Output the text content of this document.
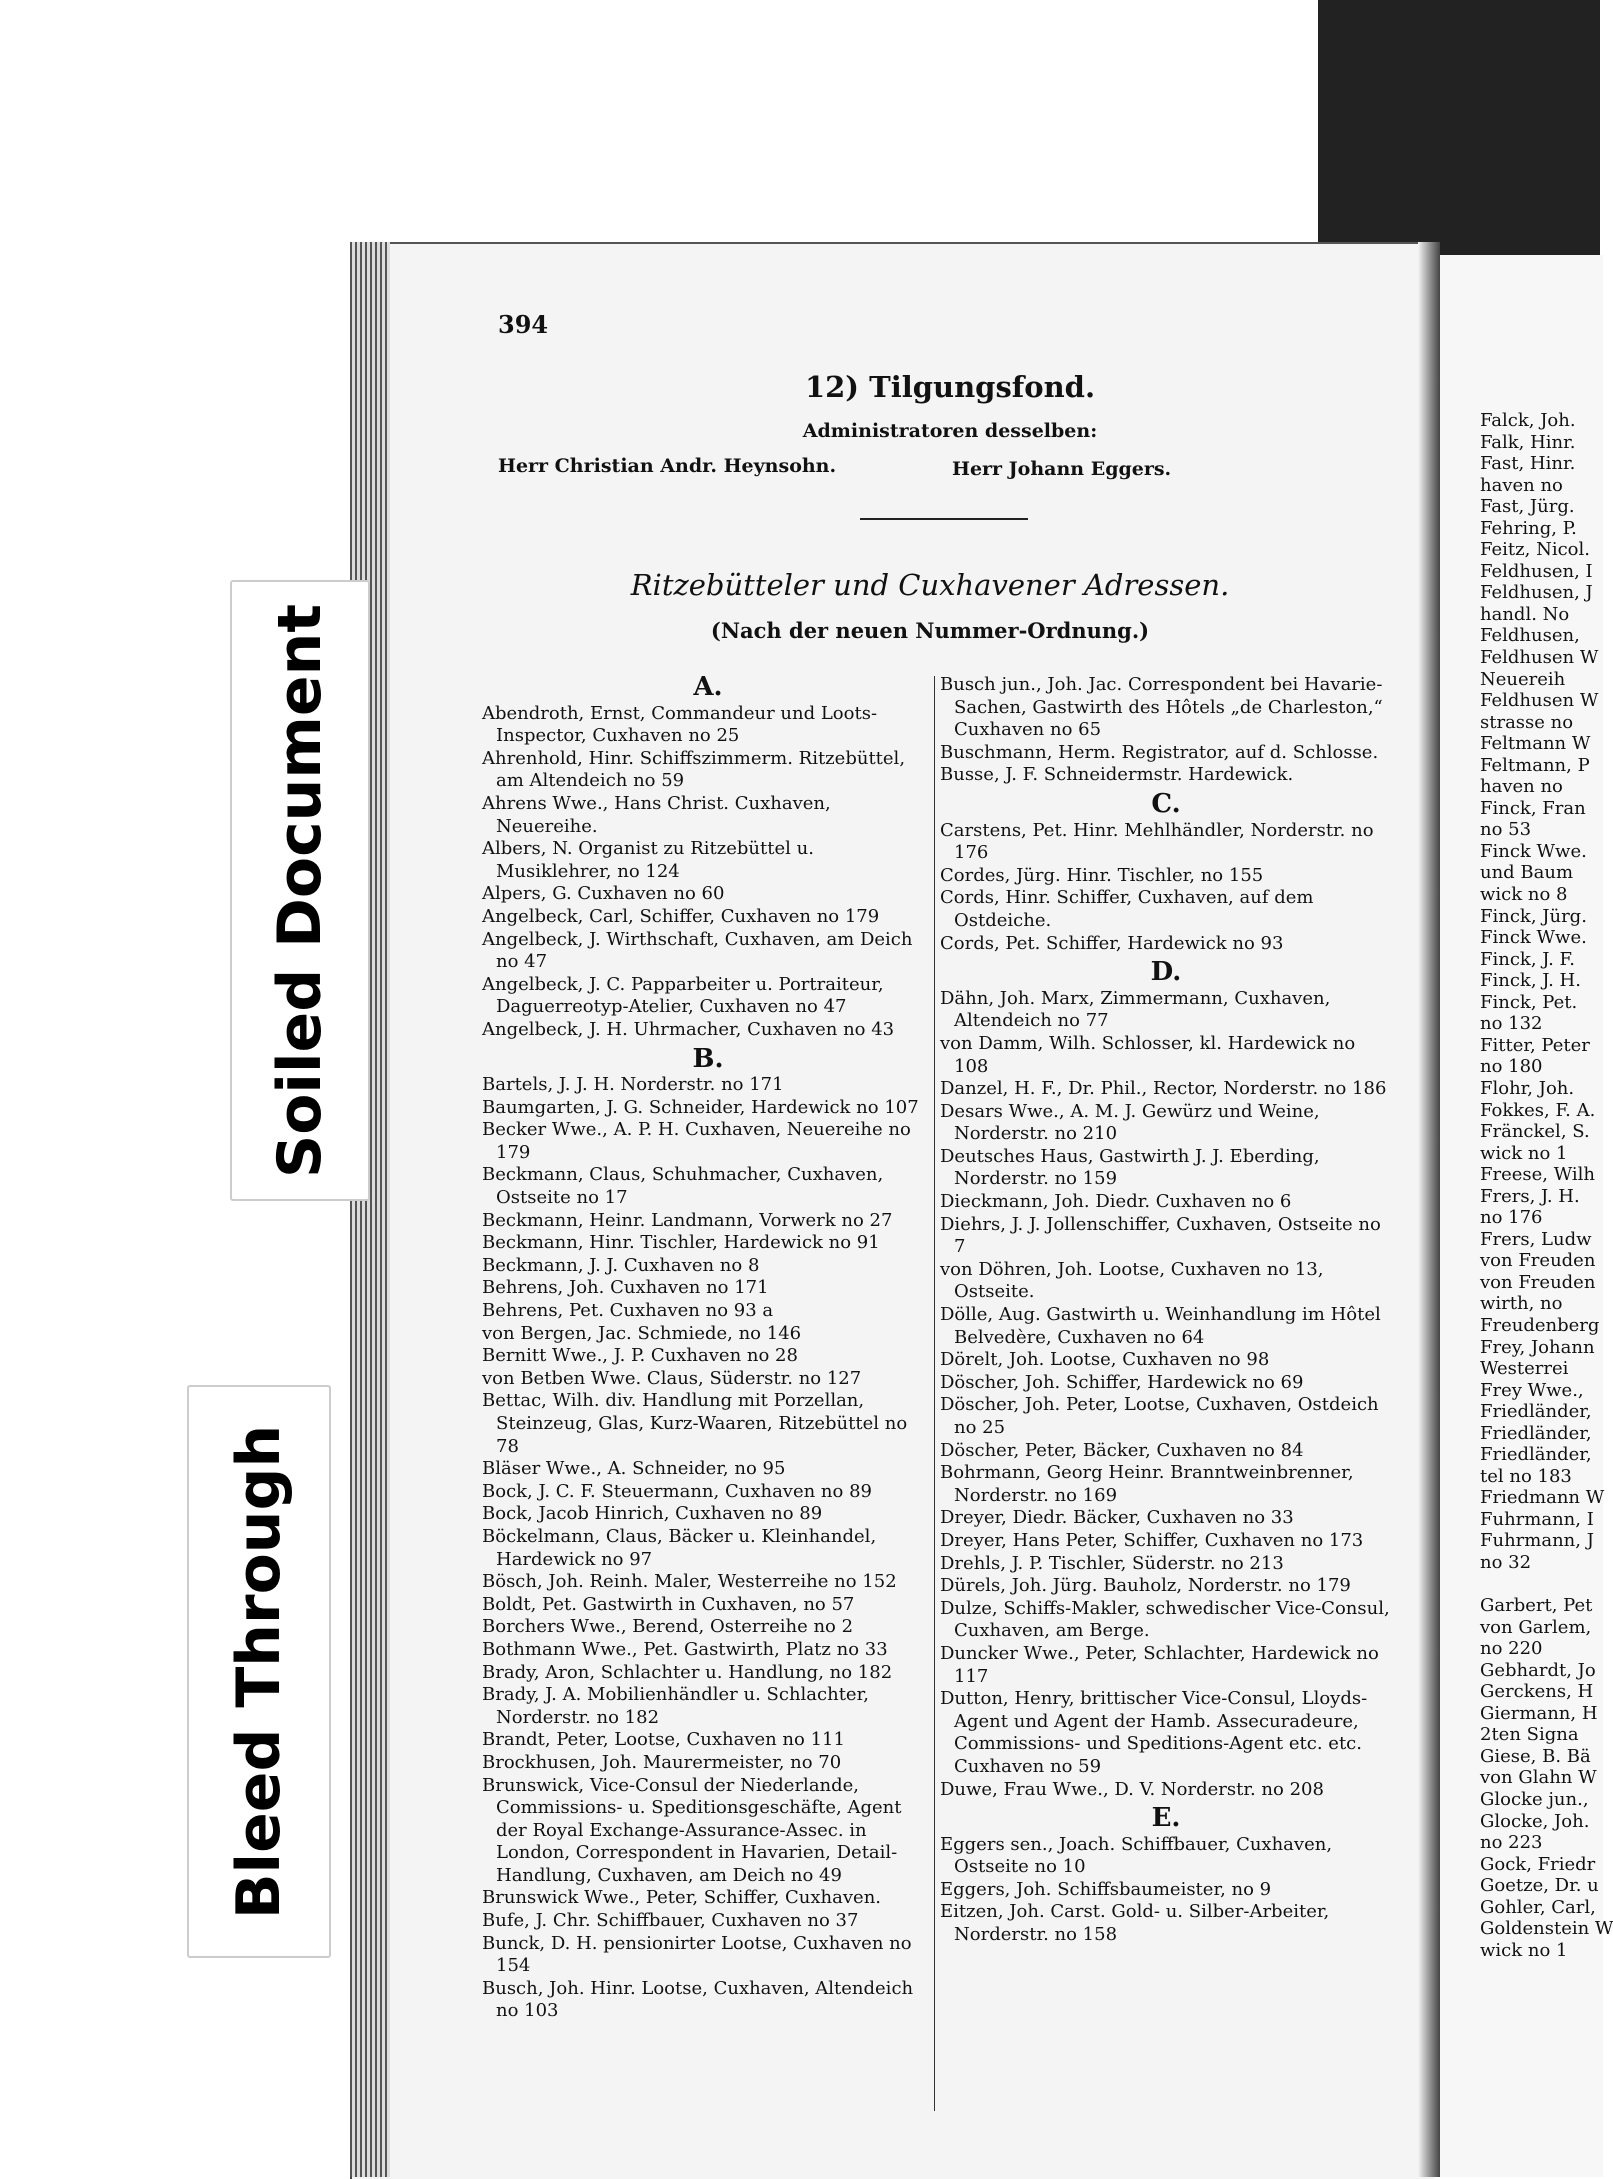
Soiled Document
Bleed Through
394
12) Tilgungsfond.
Administratoren desselben:
Herr Christian Andr. Heynsohn.	Herr Johann Eggers.
Ritzebütteler und Cuxhavener Adressen.
(Nach der neuen Nummer-Ordnung.)
A.
Abendroth, Ernst, Commandeur und Loots-Inspector, Cuxhaven no 25
Ahrenhold, Hinr. Schiffszimmerm. Ritzebüttel, am Altendeich no 59
Ahrens Wwe., Hans Christ. Cuxhaven, Neuereihe.
Albers, N. Organist zu Ritzebüttel u. Musiklehrer, no 124
Alpers, G. Cuxhaven no 60
Angelbeck, Carl, Schiffer, Cuxhaven no 179
Angelbeck, J. Wirthschaft, Cuxhaven, am Deich no 47
Angelbeck, J. C. Papparbeiter u. Portraiteur, Daguerreotyp-Atelier, Cuxhaven no 47
Angelbeck, J. H. Uhrmacher, Cuxhaven no 43
B.
Bartels, J. J. H. Norderstr. no 171
Baumgarten, J. G. Schneider, Hardewick no 107
Becker Wwe., A. P. H. Cuxhaven, Neuereihe no 179
Beckmann, Claus, Schuhmacher, Cuxhaven, Ostseite no 17
Beckmann, Heinr. Landmann, Vorwerk no 27
Beckmann, Hinr. Tischler, Hardewick no 91
Beckmann, J. J. Cuxhaven no 8
Behrens, Joh. Cuxhaven no 171
Behrens, Pet. Cuxhaven no 93 a
von Bergen, Jac. Schmiede, no 146
Bernitt Wwe., J. P. Cuxhaven no 28
von Betben Wwe. Claus, Süderstr. no 127
Bettac, Wilh. div. Handlung mit Porzellan, Steinzeug, Glas, Kurz-Waaren, Ritzebüttel no 78
Bläser Wwe., A. Schneider, no 95
Bock, J. C. F. Steuermann, Cuxhaven no 89
Bock, Jacob Hinrich, Cuxhaven no 89
Böckelmann, Claus, Bäcker u. Kleinhandel, Hardewick no 97
Bösch, Joh. Reinh. Maler, Westerreihe no 152
Boldt, Pet. Gastwirth in Cuxhaven, no 57
Borchers Wwe., Berend, Osterreihe no 2
Bothmann Wwe., Pet. Gastwirth, Platz no 33
Brady, Aron, Schlachter u. Handlung, no 182
Brady, J. A. Mobilienhändler u. Schlachter, Norderstr. no 182
Brandt, Peter, Lootse, Cuxhaven no 111
Brockhusen, Joh. Maurermeister, no 70
Brunswick, Vice-Consul der Niederlande, Commissions- u. Speditionsgeschäfte, Agent der Royal Exchange-Assurance-Assec. in London, Correspondent in Havarien, Detail-Handlung, Cuxhaven, am Deich no 49
Brunswick Wwe., Peter, Schiffer, Cuxhaven.
Bufe, J. Chr. Schiffbauer, Cuxhaven no 37
Bunck, D. H. pensionirter Lootse, Cuxhaven no 154
Busch, Joh. Hinr. Lootse, Cuxhaven, Altendeich no 103
Busch jun., Joh. Jac. Correspondent bei Havarie-Sachen, Gastwirth des Hôtels „de Charleston,“ Cuxhaven no 65
Buschmann, Herm. Registrator, auf d. Schlosse.
Busse, J. F. Schneidermstr. Hardewick.
C.
Carstens, Pet. Hinr. Mehlhändler, Norderstr. no 176
Cordes, Jürg. Hinr. Tischler, no 155
Cords, Hinr. Schiffer, Cuxhaven, auf dem Ostdeiche.
Cords, Pet. Schiffer, Hardewick no 93
D.
Dähn, Joh. Marx, Zimmermann, Cuxhaven, Altendeich no 77
von Damm, Wilh. Schlosser, kl. Hardewick no 108
Danzel, H. F., Dr. Phil., Rector, Norderstr. no 186
Desars Wwe., A. M. J. Gewürz und Weine, Norderstr. no 210
Deutsches Haus, Gastwirth J. J. Eberding, Norderstr. no 159
Dieckmann, Joh. Diedr. Cuxhaven no 6
Diehrs, J. J. Jollenschiffer, Cuxhaven, Ostseite no 7
von Döhren, Joh. Lootse, Cuxhaven no 13, Ostseite.
Dölle, Aug. Gastwirth u. Weinhandlung im Hôtel Belvedère, Cuxhaven no 64
Dörelt, Joh. Lootse, Cuxhaven no 98
Döscher, Joh. Schiffer, Hardewick no 69
Döscher, Joh. Peter, Lootse, Cuxhaven, Ostdeich no 25
Döscher, Peter, Bäcker, Cuxhaven no 84
Bohrmann, Georg Heinr. Branntweinbrenner, Norderstr. no 169
Dreyer, Diedr. Bäcker, Cuxhaven no 33
Dreyer, Hans Peter, Schiffer, Cuxhaven no 173
Drehls, J. P. Tischler, Süderstr. no 213
Dürels, Joh. Jürg. Bauholz, Norderstr. no 179
Dulze, Schiffs-Makler, schwedischer Vice-Consul, Cuxhaven, am Berge.
Duncker Wwe., Peter, Schlachter, Hardewick no 117
Dutton, Henry, brittischer Vice-Consul, Lloyds-Agent und Agent der Hamb. Assecuradeure, Commissions- und Speditions-Agent etc. etc. Cuxhaven no 59
Duwe, Frau Wwe., D. V. Norderstr. no 208
E.
Eggers sen., Joach. Schiffbauer, Cuxhaven, Ostseite no 10
Eggers, Joh. Schiffsbaumeister, no 9
Eitzen, Joh. Carst. Gold- u. Silber-Arbeiter, Norderstr. no 158
Falck, Joh.
Falk, Hinr.
Fast, Hinr.
haven no
Fast, Jürg.
Fehring, P.
Feitz, Nicol.
Feldhusen, I
Feldhusen, J
handl. No
Feldhusen,
Feldhusen W
Neuereih
Feldhusen W
strasse no
Feltmann W
Feltmann, P
haven no
Finck, Fran
no 53
Finck Wwe.
und Baum
wick no 8
Finck, Jürg.
Finck Wwe.
Finck, J. F.
Finck, J. H.
Finck, Pet.
no 132
Fitter, Peter
no 180
Flohr, Joh.
Fokkes, F. A.
Fränckel, S.
wick no 1
Freese, Wilh
Frers, J. H.
no 176
Frers, Ludw
von Freuden
von Freuden
wirth, no
Freudenberg
Frey, Johann
Westerrei
Frey Wwe.,
Friedländer,
Friedländer,
Friedländer,
tel no 183
Friedmann W
Fuhrmann, I
Fuhrmann, J
no 32

Garbert, Pet
von Garlem,
no 220
Gebhardt, Jo
Gerckens, H
Giermann, H
2ten Signa
Giese, B. Bä
von Glahn W
Glocke jun.,
Glocke, Joh.
no 223
Gock, Friedr
Goetze, Dr. u
Gohler, Carl,
Goldenstein W
wick no 1
